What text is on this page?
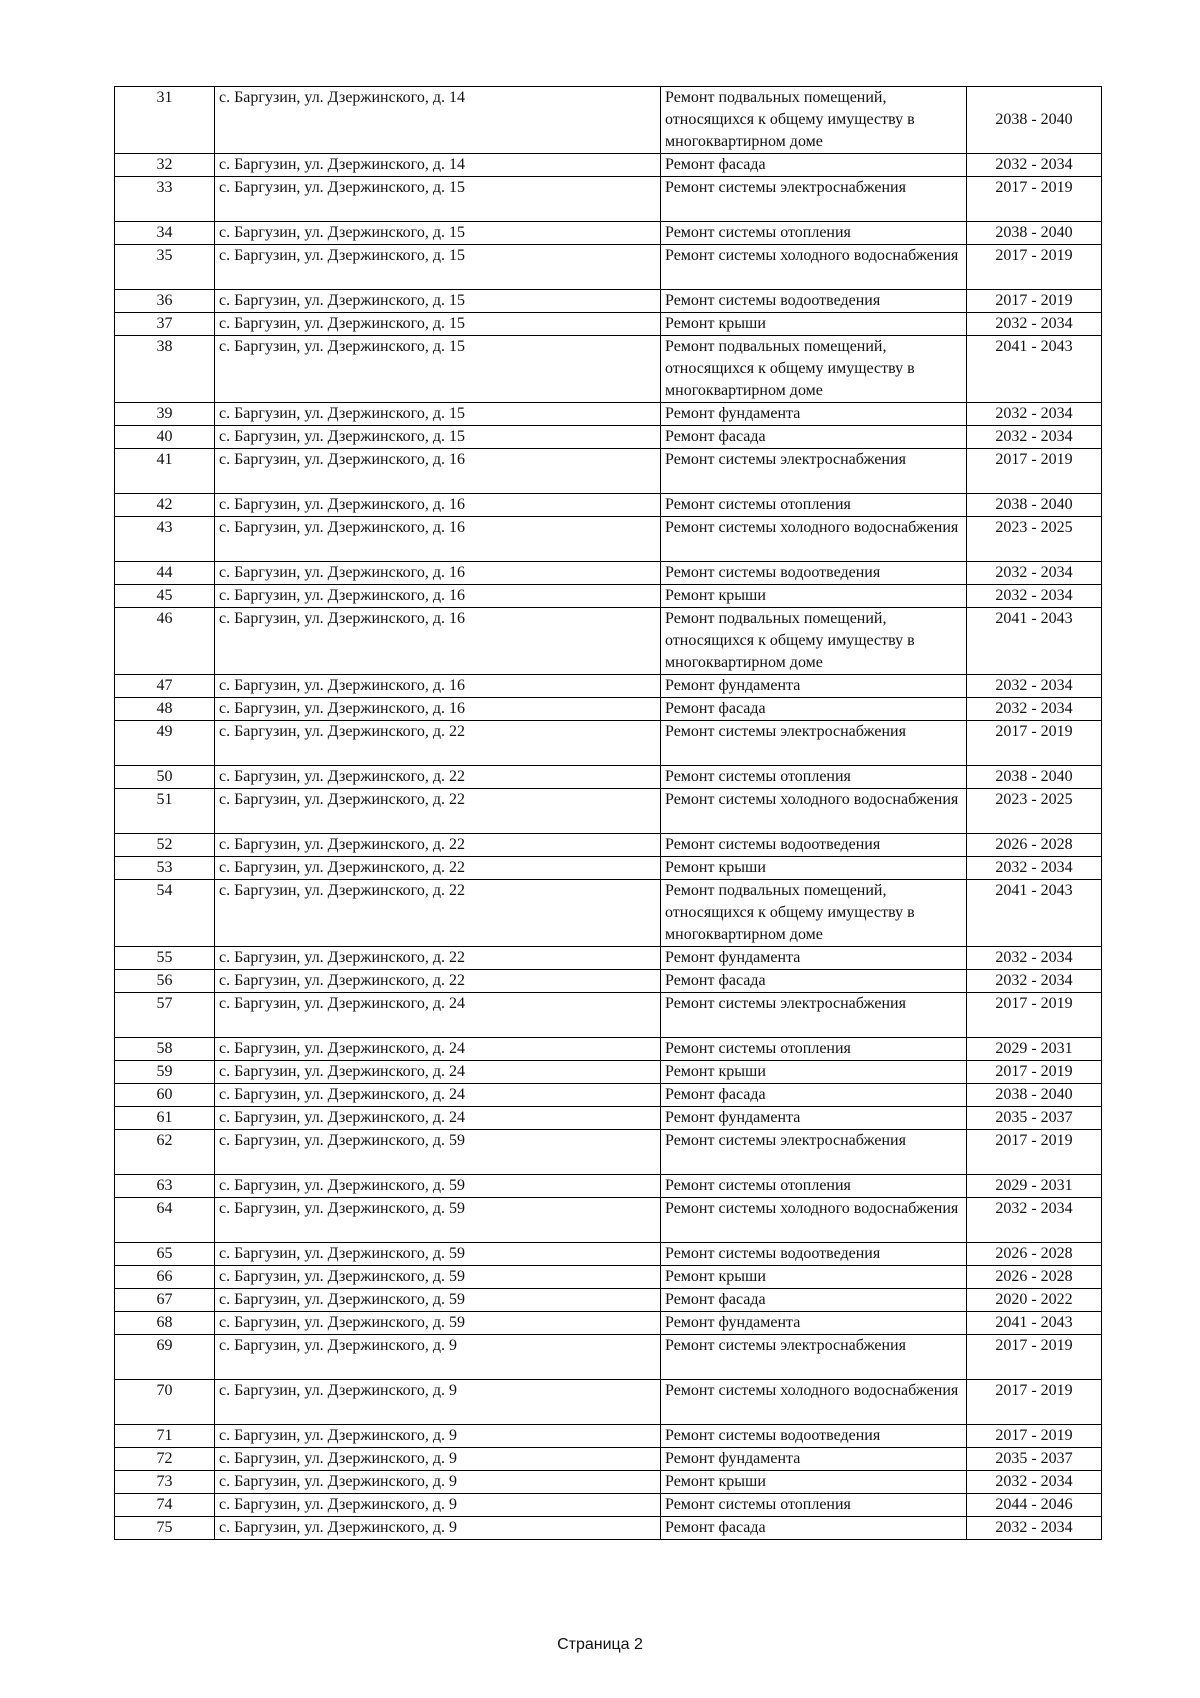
31	с. Баргузин, ул. Дзержинского, д. 14	Ремонт подвальных помещений, относящихся к общему имуществу в многоквартирном доме	2038 - 2040
32	с. Баргузин, ул. Дзержинского, д. 14	Ремонт фасада	2032 - 2034
33	с. Баргузин, ул. Дзержинского, д. 15	Ремонт системы электроснабжения	2017 - 2019
34	с. Баргузин, ул. Дзержинского, д. 15	Ремонт системы отопления	2038 - 2040
35	с. Баргузин, ул. Дзержинского, д. 15	Ремонт системы холодного водоснабжения	2017 - 2019
36	с. Баргузин, ул. Дзержинского, д. 15	Ремонт системы водоотведения	2017 - 2019
37	с. Баргузин, ул. Дзержинского, д. 15	Ремонт крыши	2032 - 2034
38	с. Баргузин, ул. Дзержинского, д. 15	Ремонт подвальных помещений, относящихся к общему имуществу в многоквартирном доме	2041 - 2043
39	с. Баргузин, ул. Дзержинского, д. 15	Ремонт фундамента	2032 - 2034
40	с. Баргузин, ул. Дзержинского, д. 15	Ремонт фасада	2032 - 2034
41	с. Баргузин, ул. Дзержинского, д. 16	Ремонт системы электроснабжения	2017 - 2019
42	с. Баргузин, ул. Дзержинского, д. 16	Ремонт системы отопления	2038 - 2040
43	с. Баргузин, ул. Дзержинского, д. 16	Ремонт системы холодного водоснабжения	2023 - 2025
44	с. Баргузин, ул. Дзержинского, д. 16	Ремонт системы водоотведения	2032 - 2034
45	с. Баргузин, ул. Дзержинского, д. 16	Ремонт крыши	2032 - 2034
46	с. Баргузин, ул. Дзержинского, д. 16	Ремонт подвальных помещений, относящихся к общему имуществу в многоквартирном доме	2041 - 2043
47	с. Баргузин, ул. Дзержинского, д. 16	Ремонт фундамента	2032 - 2034
48	с. Баргузин, ул. Дзержинского, д. 16	Ремонт фасада	2032 - 2034
49	с. Баргузин, ул. Дзержинского, д. 22	Ремонт системы электроснабжения	2017 - 2019
50	с. Баргузин, ул. Дзержинского, д. 22	Ремонт системы отопления	2038 - 2040
51	с. Баргузин, ул. Дзержинского, д. 22	Ремонт системы холодного водоснабжения	2023 - 2025
52	с. Баргузин, ул. Дзержинского, д. 22	Ремонт системы водоотведения	2026 - 2028
53	с. Баргузин, ул. Дзержинского, д. 22	Ремонт крыши	2032 - 2034
54	с. Баргузин, ул. Дзержинского, д. 22	Ремонт подвальных помещений, относящихся к общему имуществу в многоквартирном доме	2041 - 2043
55	с. Баргузин, ул. Дзержинского, д. 22	Ремонт фундамента	2032 - 2034
56	с. Баргузин, ул. Дзержинского, д. 22	Ремонт фасада	2032 - 2034
57	с. Баргузин, ул. Дзержинского, д. 24	Ремонт системы электроснабжения	2017 - 2019
58	с. Баргузин, ул. Дзержинского, д. 24	Ремонт системы отопления	2029 - 2031
59	с. Баргузин, ул. Дзержинского, д. 24	Ремонт крыши	2017 - 2019
60	с. Баргузин, ул. Дзержинского, д. 24	Ремонт фасада	2038 - 2040
61	с. Баргузин, ул. Дзержинского, д. 24	Ремонт фундамента	2035 - 2037
62	с. Баргузин, ул. Дзержинского, д. 59	Ремонт системы электроснабжения	2017 - 2019
63	с. Баргузин, ул. Дзержинского, д. 59	Ремонт системы отопления	2029 - 2031
64	с. Баргузин, ул. Дзержинского, д. 59	Ремонт системы холодного водоснабжения	2032 - 2034
65	с. Баргузин, ул. Дзержинского, д. 59	Ремонт системы водоотведения	2026 - 2028
66	с. Баргузин, ул. Дзержинского, д. 59	Ремонт крыши	2026 - 2028
67	с. Баргузин, ул. Дзержинского, д. 59	Ремонт фасада	2020 - 2022
68	с. Баргузин, ул. Дзержинского, д. 59	Ремонт фундамента	2041 - 2043
69	с. Баргузин, ул. Дзержинского, д. 9	Ремонт системы электроснабжения	2017 - 2019
70	с. Баргузин, ул. Дзержинского, д. 9	Ремонт системы холодного водоснабжения	2017 - 2019
71	с. Баргузин, ул. Дзержинского, д. 9	Ремонт системы водоотведения	2017 - 2019
72	с. Баргузин, ул. Дзержинского, д. 9	Ремонт фундамента	2035 - 2037
73	с. Баргузин, ул. Дзержинского, д. 9	Ремонт крыши	2032 - 2034
74	с. Баргузин, ул. Дзержинского, д. 9	Ремонт системы отопления	2044 - 2046
75	с. Баргузин, ул. Дзержинского, д. 9	Ремонт фасада	2032 - 2034
Страница 2
